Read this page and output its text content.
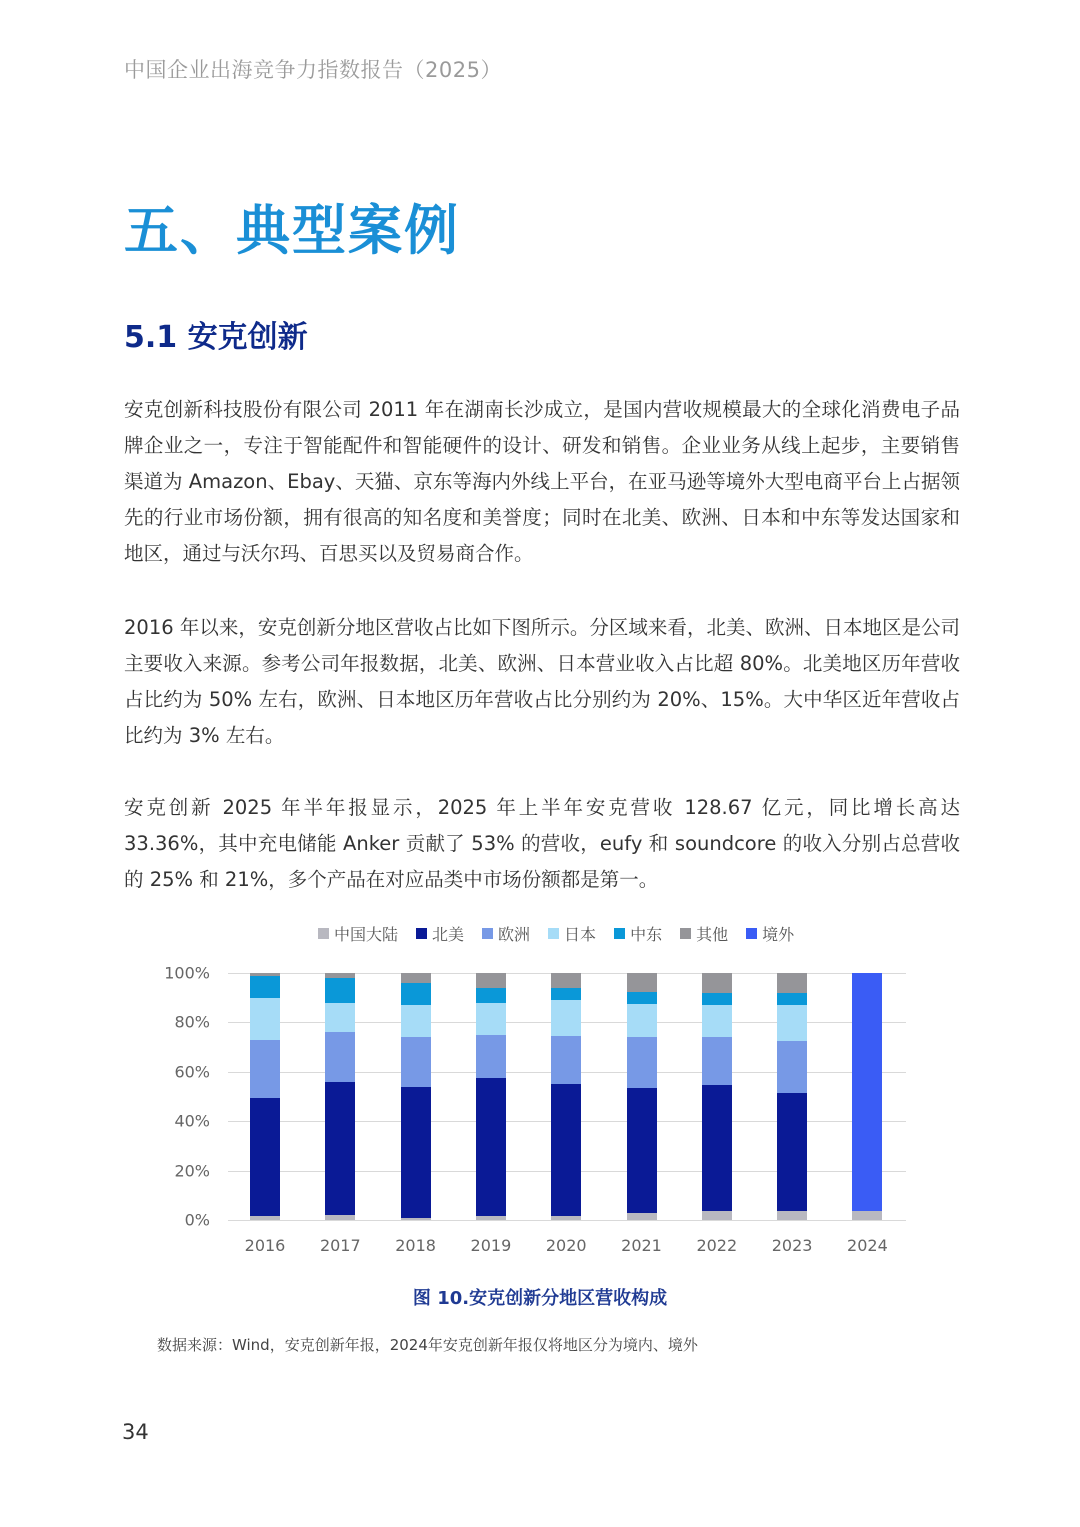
中国企业出海竞争力指数报告（2025）
五、典型案例
5.1 安克创新

安克创新科技股份有限公司 2011 年在湖南长沙成立，是国内营收规模最大的全球化消费电子品牌企业之一，专注于智能配件和智能硬件的设计、研发和销售。企业业务从线上起步，主要销售渠道为 Amazon、Ebay、天猫、京东等海内外线上平台，在亚马逊等境外大型电商平台上占据领先的行业市场份额，拥有很高的知名度和美誉度；同时在北美、欧洲、日本和中东等发达国家和地区，通过与沃尔玛、百思买以及贸易商合作。

2016 年以来，安克创新分地区营收占比如下图所示。分区域来看，北美、欧洲、日本地区是公司主要收入来源。参考公司年报数据，北美、欧洲、日本营业收入占比超 80%。北美地区历年营收占比约为 50% 左右，欧洲、日本地区历年营收占比分别约为 20%、15%。大中华区近年营收占比约为 3% 左右。

安克创新 2025 年半年报显示，2025 年上半年安克营收 128.67 亿元，同比增长高达 33.36%，其中充电储能 Anker 贡献了 53% 的营收，eufy 和 soundcore 的收入分别占总营收的 25% 和 21%，多个产品在对应品类中市场份额都是第一。

中国大陆 北美 欧洲 日本 中东 其他 境外
0%
20%
40%
60%
80%
100%
2016	2017	2018	2019	2020	2021	2022	2023	2024
图 10.安克创新分地区营收构成
数据来源：Wind，安克创新年报，2024年安克创新年报仅将地区分为境内、境外
34
